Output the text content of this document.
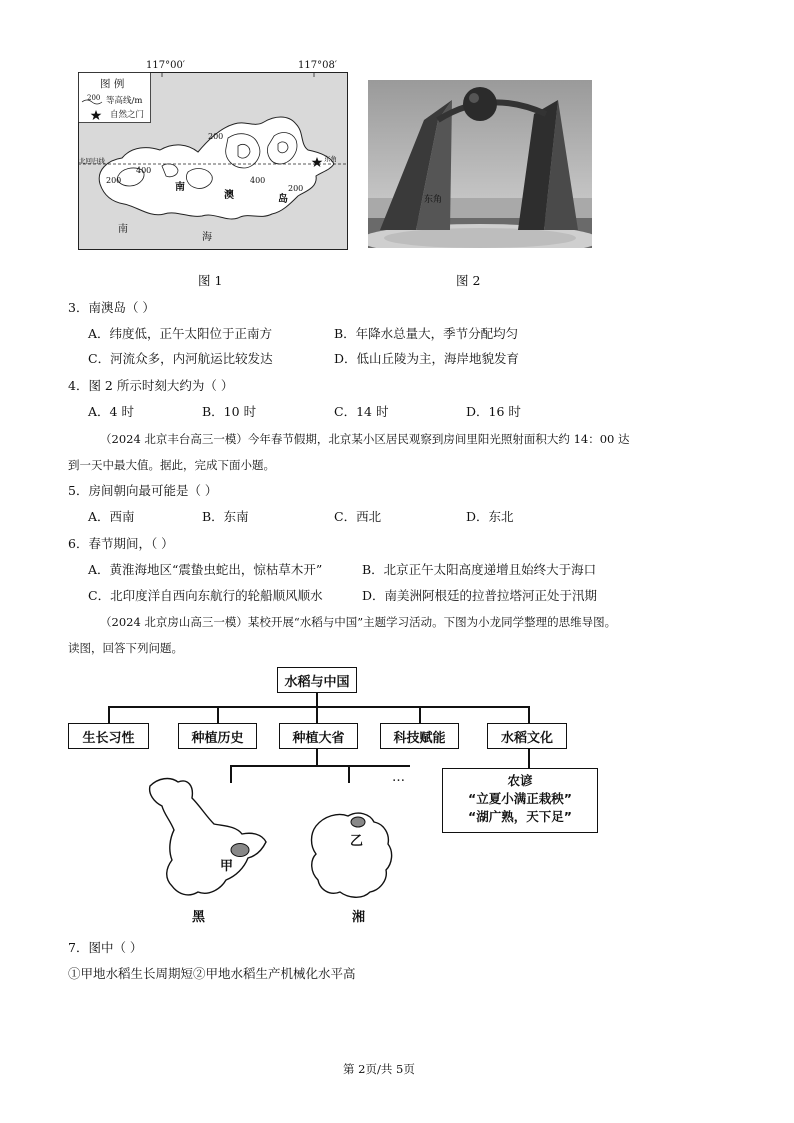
117°00′	117°08′
图 例
200 等高线/m
自然之门
北回归线	东角
200
400
200
400
200
南
澳	岛
南
海
图 1
东角
图 2
3．南澳岛（ ）
A．纬度低，正午太阳位于正南方	B．年降水总量大，季节分配均匀
C．河流众多，内河航运比较发达	D．低山丘陵为主，海岸地貌发育
4．图 2 所示时刻大约为（ ）
A．4 时	B．10 时	C．14 时	D．16 时
（2024 北京丰台高三一模）今年春节假期，北京某小区居民观察到房间里阳光照射面积大约 14：00 达
到一天中最大值。据此，完成下面小题。
5．房间朝向最可能是（ ）
A．西南	B．东南	C．西北	D．东北
6．春节期间，（ ）
A．黄淮海地区“震蛰虫蛇出，惊枯草木开”	B．北京正午太阳高度递增且始终大于海口
C．北印度洋自西向东航行的轮船顺风顺水	D．南美洲阿根廷的拉普拉塔河正处于汛期
（2024 北京房山高三一模）某校开展“水稻与中国”主题学习活动。下图为小龙同学整理的思维导图。
读图，回答下列问题。
水稻与中国
生长习性	种植历史	种植大省	科技赋能	水稻文化
…	农谚
“立夏小满正栽秧”
“湖广熟，天下足”
甲
黑
乙
湘
7．图中（ ）
①甲地水稻生长周期短②甲地水稻生产机械化水平高
第 2页/共 5页
